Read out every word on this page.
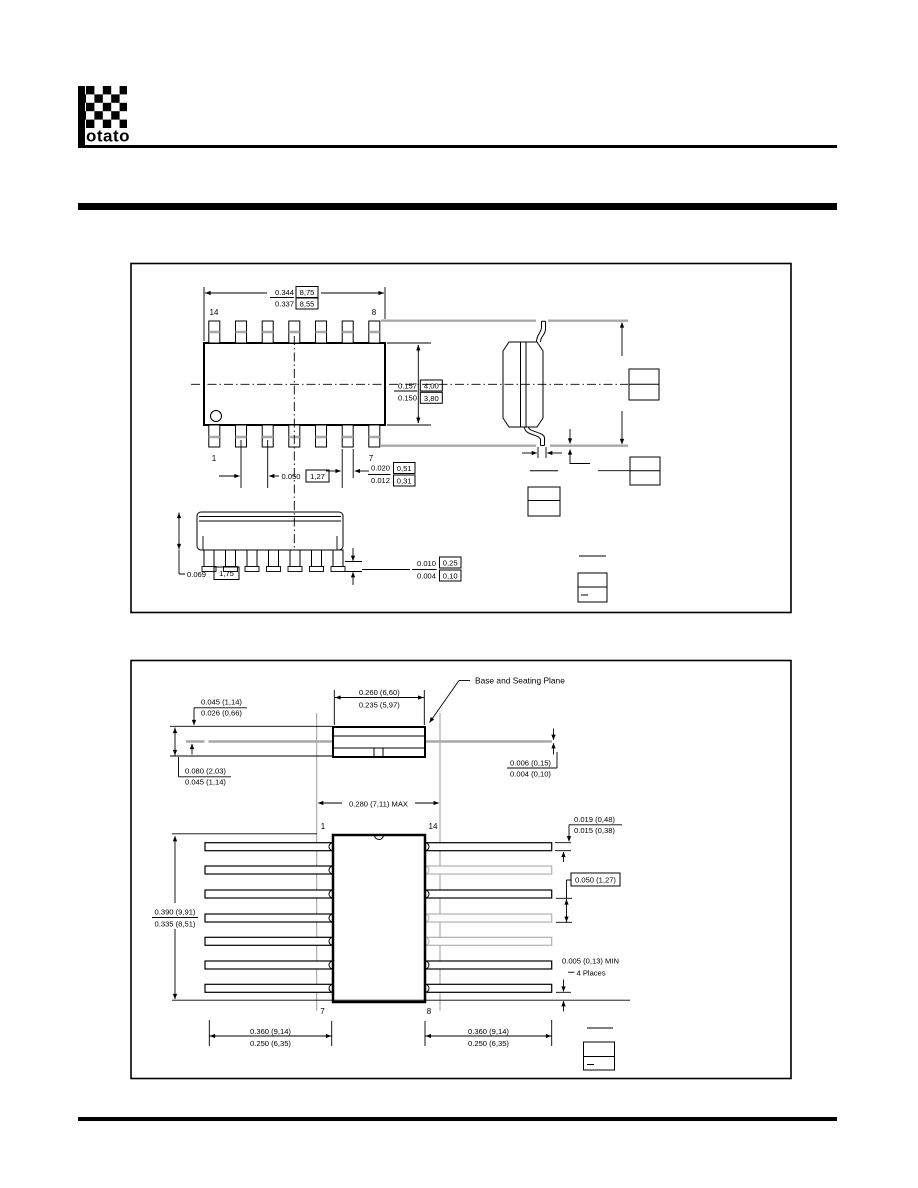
otato
14	8
1	7
0.344 8,75
0.337 8,55
0.157
0.150
4,00
3,80
0.050 1,27
0.020 0,51
0.012 0,31
0.069 1,75
0.010 0,25
0.004 0,10
0.045 (1,14)
0.026 (0,66)
0.080 (2,03)
0.045 (1,14)
0.260 (6,60)
0.235 (5,97)
Base and Seating Plane
0.006 (0,15)
0.004 (0,10)
0.280 (7,11) MAX
1	14
7	8
0.390 (9,91)
0.335 (8,51)
0.019 (0,48)
0.015 (0,38)
0.050 (1,27)
0.005 (0,13) MIN
4 Places
0.360 (9,14)
0.250 (6,35)
0.360 (9,14)
0.250 (6,35)
